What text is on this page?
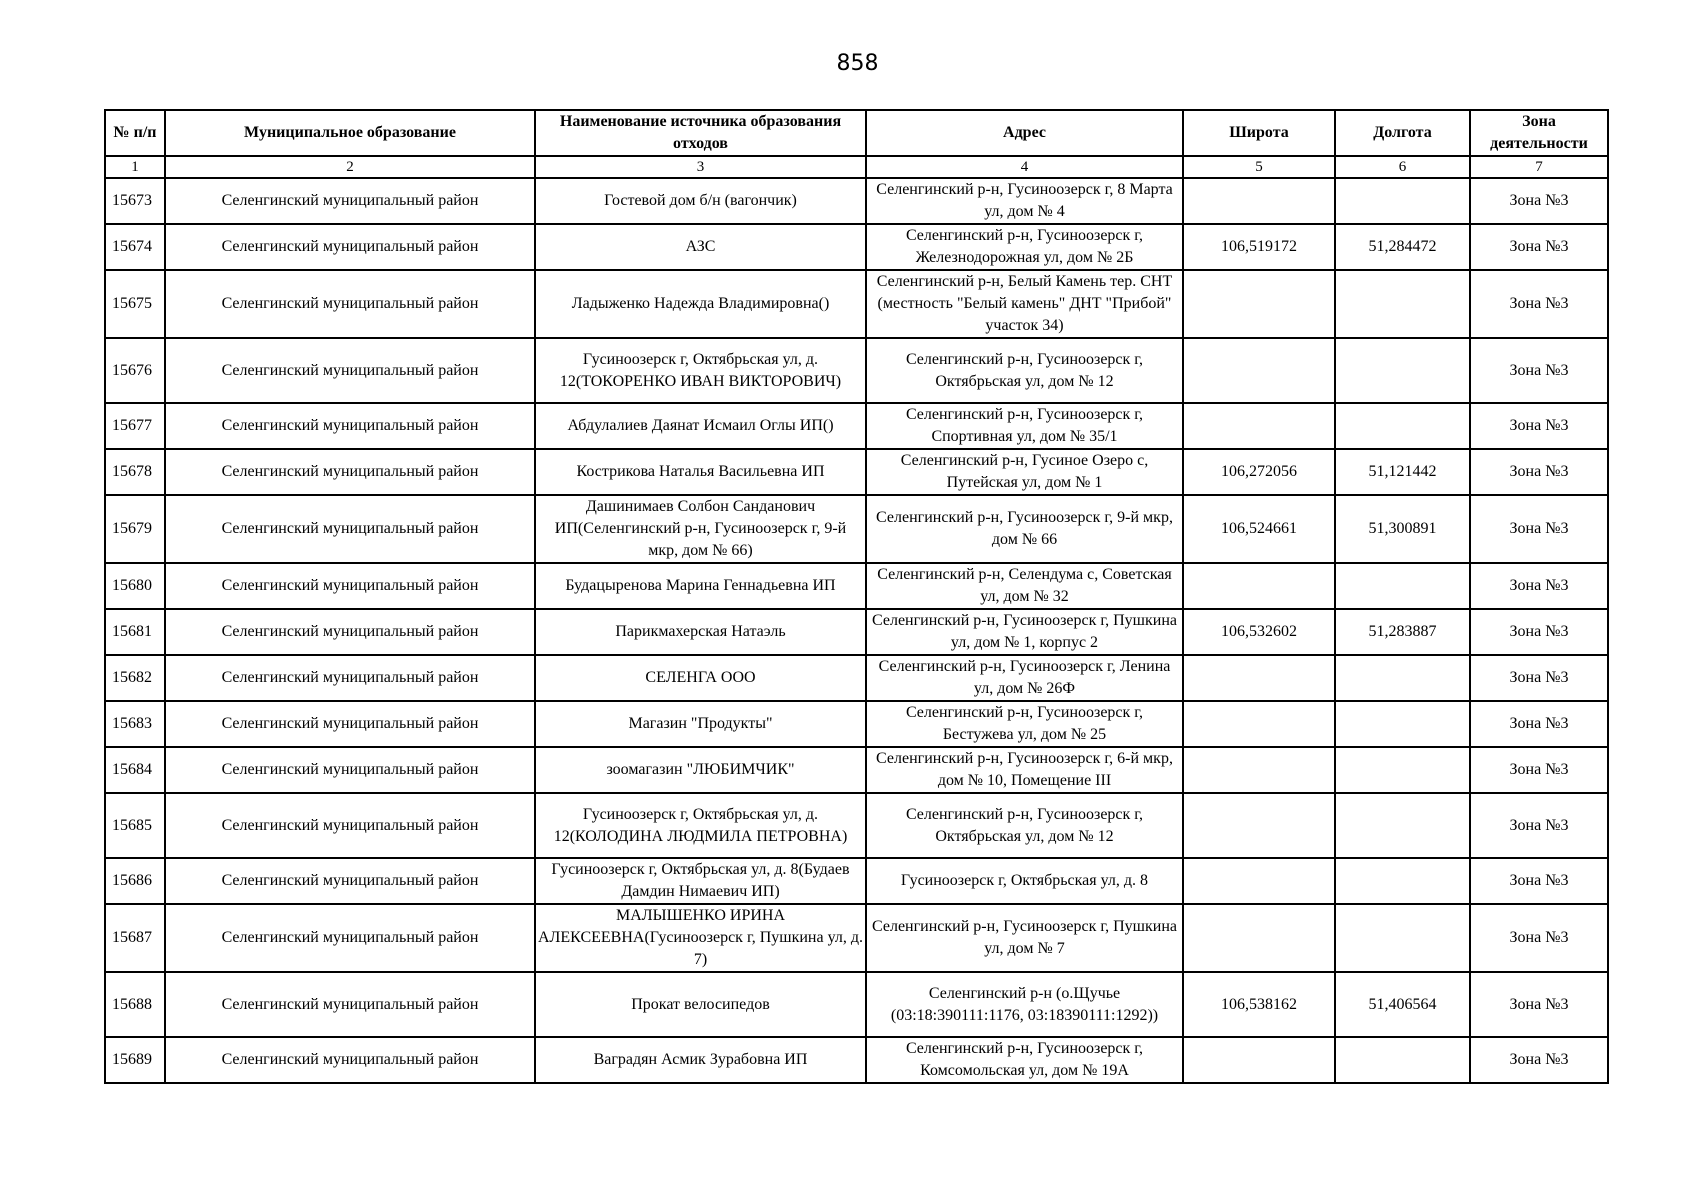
858
№ п/п	Муниципальное образование	Наименование источника образования отходов	Адрес	Широта	Долгота	Зона деятельности
1	2	3	4	5	6	7
15673	Селенгинский муниципальный район	Гостевой дом б/н (вагончик)	Селенгинский р-н, Гусиноозерск г, 8 Марта ул, дом № 4			Зона №3
15674	Селенгинский муниципальный район	АЗС	Селенгинский р-н, Гусиноозерск г, Железнодорожная ул, дом № 2Б	106,519172	51,284472	Зона №3
15675	Селенгинский муниципальный район	Ладыженко Надежда Владимировна()	Селенгинский р-н, Белый Камень тер. СНТ (местность "Белый камень" ДНТ "Прибой" участок 34)			Зона №3
15676	Селенгинский муниципальный район	Гусиноозерск г, Октябрьская ул, д. 12(ТОКОРЕНКО ИВАН ВИКТОРОВИЧ)	Селенгинский р-н, Гусиноозерск г, Октябрьская ул, дом № 12			Зона №3
15677	Селенгинский муниципальный район	Абдулалиев Даянат Исмаил Оглы ИП()	Селенгинский р-н, Гусиноозерск г, Спортивная ул, дом № 35/1			Зона №3
15678	Селенгинский муниципальный район	Кострикова Наталья Васильевна ИП	Селенгинский р-н, Гусиное Озеро с, Путейская ул, дом № 1	106,272056	51,121442	Зона №3
15679	Селенгинский муниципальный район	Дашинимаев Солбон Санданович ИП(Селенгинский р-н, Гусиноозерск г, 9-й мкр, дом № 66)	Селенгинский р-н, Гусиноозерск г, 9-й мкр, дом № 66	106,524661	51,300891	Зона №3
15680	Селенгинский муниципальный район	Будацыренова Марина Геннадьевна ИП	Селенгинский р-н, Селендума с, Советская ул, дом № 32			Зона №3
15681	Селенгинский муниципальный район	Парикмахерская Натаэль	Селенгинский р-н, Гусиноозерск г, Пушкина ул, дом № 1, корпус 2	106,532602	51,283887	Зона №3
15682	Селенгинский муниципальный район	СЕЛЕНГА ООО	Селенгинский р-н, Гусиноозерск г, Ленина ул, дом № 26Ф			Зона №3
15683	Селенгинский муниципальный район	Магазин "Продукты"	Селенгинский р-н, Гусиноозерск г, Бестужева ул, дом № 25			Зона №3
15684	Селенгинский муниципальный район	зоомагазин "ЛЮБИМЧИК"	Селенгинский р-н, Гусиноозерск г, 6-й мкр, дом № 10, Помещение III			Зона №3
15685	Селенгинский муниципальный район	Гусиноозерск г, Октябрьская ул, д. 12(КОЛОДИНА ЛЮДМИЛА ПЕТРОВНА)	Селенгинский р-н, Гусиноозерск г, Октябрьская ул, дом № 12			Зона №3
15686	Селенгинский муниципальный район	Гусиноозерск г, Октябрьская ул, д. 8(Будаев Дамдин Нимаевич ИП)	Гусиноозерск г, Октябрьская ул, д. 8			Зона №3
15687	Селенгинский муниципальный район	МАЛЫШЕНКО ИРИНА АЛЕКСЕЕВНА(Гусиноозерск г, Пушкина ул, д. 7)	Селенгинский р-н, Гусиноозерск г, Пушкина ул, дом № 7			Зона №3
15688	Селенгинский муниципальный район	Прокат велосипедов	Селенгинский р-н (о.Щучье (03:18:390111:1176, 03:18390111:1292))	106,538162	51,406564	Зона №3
15689	Селенгинский муниципальный район	Ваградян Асмик Зурабовна ИП	Селенгинский р-н, Гусиноозерск г, Комсомольская ул, дом № 19А			Зона №3
